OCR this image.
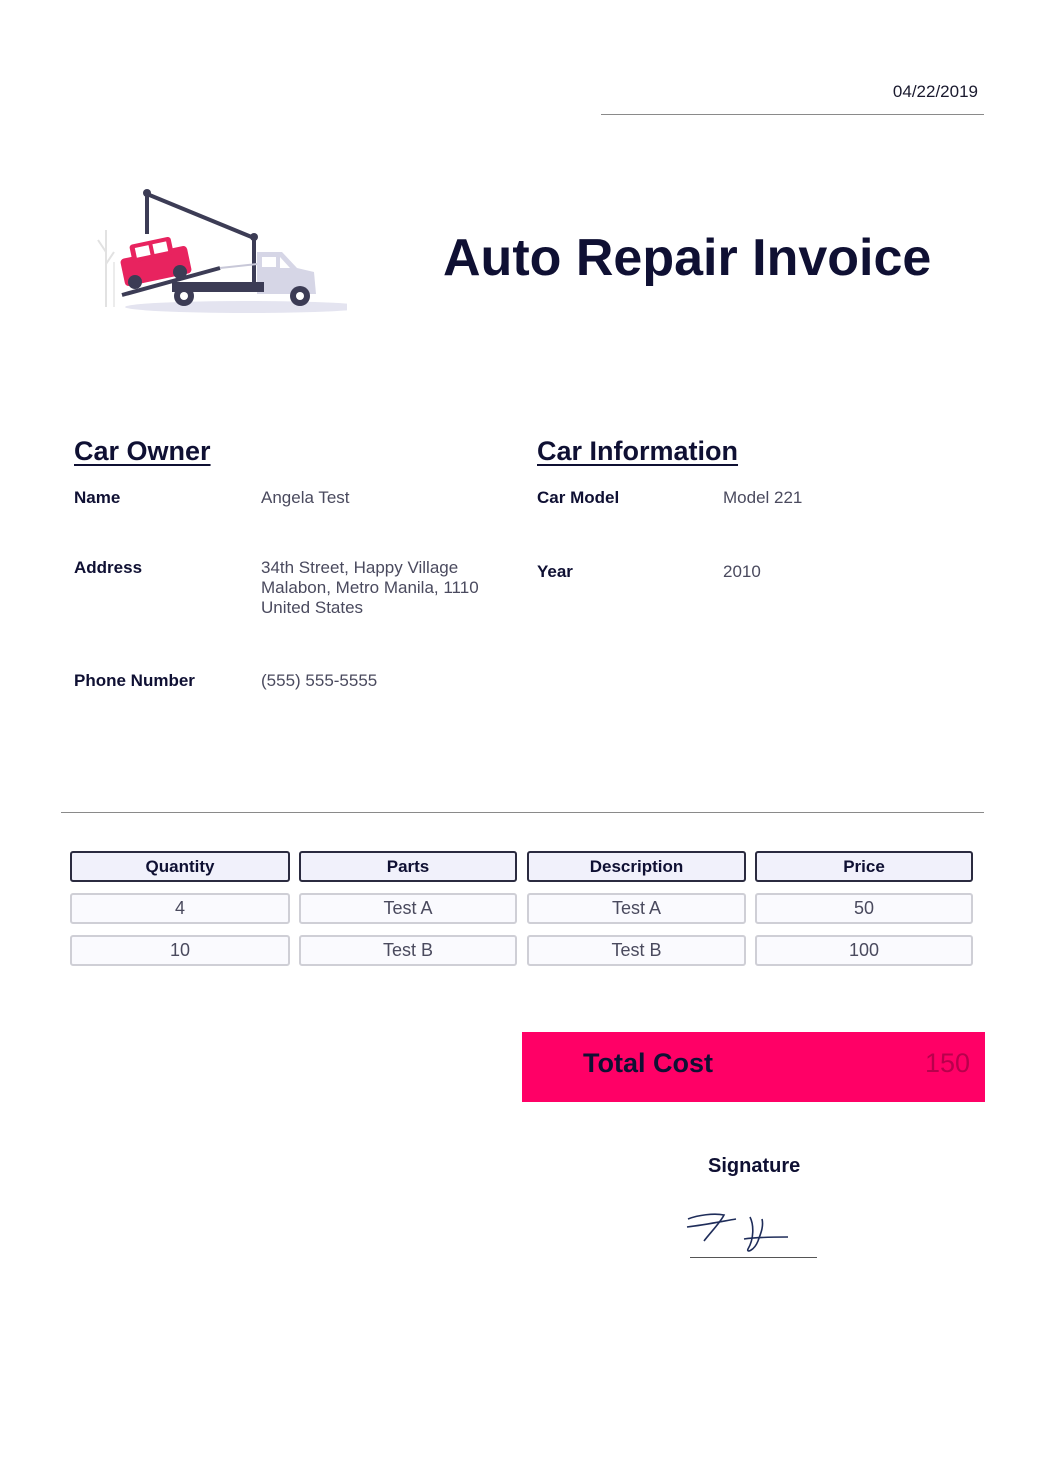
04/22/2019
Auto Repair Invoice
Car Owner
Name	Angela Test
Address	34th Street, Happy Village
Malabon, Metro Manila, 1110
United States
Phone Number	(555) 555-5555
Car Information
Car Model	Model 221
Year	2010
Quantity	Parts	Description	Price
4	Test A	Test A	50
10	Test B	Test B	100
Total Cost	150
Signature
